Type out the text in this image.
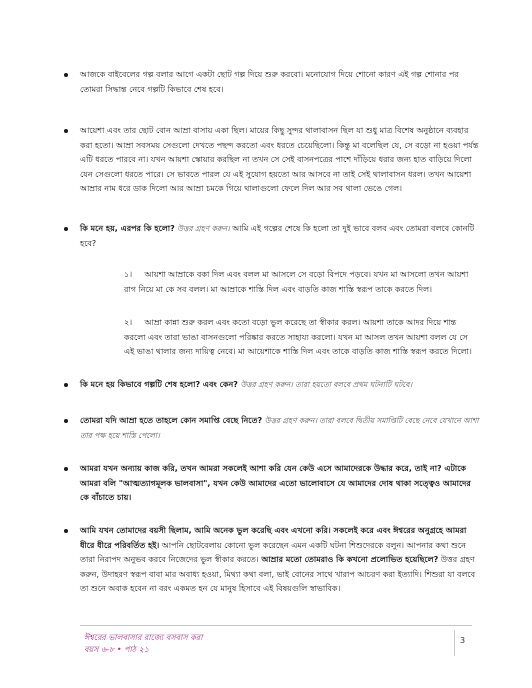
আজকে বাইবেলের গল্প বলার আগে একটা ছোট গল্প দিয়ে শুরু করবো। মনোযোগ দিয়ে শোনো কারণ এই গল্প শোনার পর তোমরা সিদ্ধান্ত নেবে গল্পটি কিভাবে শেষ হবে।

আয়েশা এবং তার ছোট বোন আম্রা বাসায় একা ছিল। মায়ের কিছু সুন্দর থালাবাসন ছিল যা শুধু মাত্র বিশেষ অনুষ্ঠানে ব্যবহার করা হতো। আম্রা সবসময় সেগুলো দেখতে পছন্দ করতো এবং ধরতে চেয়েছিলো। কিন্তু মা বলেছিল যে, সে বড়ো না হওয়া পর্যন্ত এটি ধরতে পারবে না। যখন আয়শা স্কোয়ার করছিল না তখন সে সেই বাসনপত্রের পাশে দাঁড়িয়ে ধরার জন্য হাত বাড়িয়ে দিলো যেন সেগুলো ধরতে পারে। সে ভাবতে পারল যে এই সুযোগ হয়তো আর আসবে না তাই সেই থালাবাসন ধরল। তখন আয়েশা আম্রার নাম ধরে ডাক দিলো আর আম্রা চমকে গিয়ে থালাগুলো ফেলে দিল আর সব থালা ভেঙে গেল।

কি মনে হয়, এরপর কি হলো? উত্তর গ্রহণ করুন। আমি এই গল্পের শেষে কি হলো তা দুই ভাবে বলব এবং তোমরা বলবে কোনটি হবে?

১। আয়শা আম্রাকে বকা দিল এবং বলল মা আসলে সে বড়ো বিপদে পড়বে। যখন মা আসলো তখন আয়শা রাগ নিয়ে মা কে সব বলল। মা আম্রাকে শাস্তি দিল এবং বাড়তি কাজ শাস্তি স্বরূপ তাকে করতে দিল।
২। আম্রা কান্না শুরু করল এবং কতো বড়ো ভুল করেছে তা স্বীকার করল। আয়শা তাকে আদর দিয়ে শান্ত করলো এবং তারা ভাঙা বাসনগুলো পরিষ্কার করতে সাহায্য করলো। যখন মা আসল তখন আয়শা বলল যে সে এই ভাঙা থালার জন্য দায়িত্ব নেবে। মা আয়েশাকে শাস্তি দিল এবং তাকে বাড়তি কাজ শাস্তি স্বরূপ করতে দিলো।

কি মনে হয় কিভাবে গল্পটি শেষ হলো? এবং কেন? উত্তর গ্রহণ করুন। তারা হয়তো বলবে প্রথম ঘটনাটি ঘটবে।

তোমরা যদি আম্রা হতে তাহলে কোন সমাপ্তি বেছে নিতে? উত্তর গ্রহণ করুন। তারা বলবে দ্বিতীয় সমাপ্তিটি বেছে নেবে যেখানে আশা তার পক্ষ হয়ে শাস্তি পেলো।

আমরা যখন অন্যায় কাজ করি, তখন আমরা সকলেই আশা করি যেন কেউ এসে আমাদেরকে উদ্ধার করে, তাই না? এটাকে আমরা বলি "আত্মত্যাগমূলক ভালবাসা", যখন কেউ আমাদের এতো ভালোবাসে যে আমাদের দোষ থাকা সত্ত্বেও আমাদের কে বাঁচাতে চায়।

আমি যখন তোমাদের বয়সী ছিলাম, আমি অনেক ভুল করেছি এবং এখনো করি। সকলেই করে এবং ঈশ্বরের অনুগ্রহে আমরা ধীরে ধীরে পরিবর্তিত হই। আপনি ছোটবেলায় কোনো ভুল করেছেন এমন একটি ঘটনা শিশুদেরকে বলুন। আপনার কথা শুনে তারা নিরাপদ অনুভব করবে নিজেদের ভুল স্বীকার করতে। আম্রার মতো তোমরাও কি কখনো প্রলোভিত হয়েছিলে? উত্তর গ্রহণ করুন, উদাহরণ স্বরূপ বাবা মার অবাধ্য হওয়া, মিথ্যা কথা বলা, ভাই বোনের সাথে খারাপ আচরণ করা ইত্যাদি। শিশুরা যা বলবে তা শুনে অবাক হবেন না বরং একমত হন যে মানুষ হিসাবে এই বিষয়গুলি স্বাভাবিক।

ঈশ্বরের ভালবাসার রাজ্যে বসবাস করা
বয়স ৬-৮ • পাঠ ২১
3
